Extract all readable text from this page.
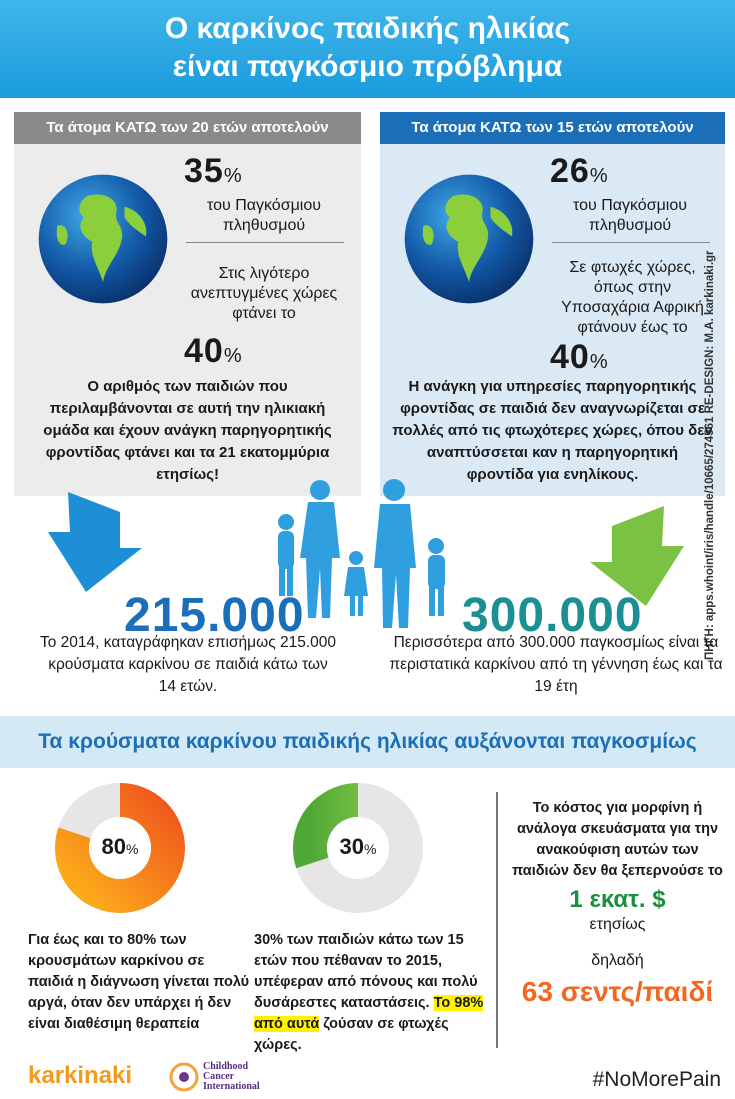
Ο καρκίνος παιδικής ηλικίας
είναι παγκόσμιο πρόβλημα
Τα άτομα ΚΑΤΩ των 20 ετών αποτελούν
35%
του Παγκόσμιου πληθυσμού
Στις λιγότερο ανεπτυγμένες χώρες φτάνει το
40%
Ο αριθμός των παιδιών που περιλαμβάνονται σε αυτή την ηλικιακή ομάδα και έχουν ανάγκη παρηγορητικής φροντίδας φτάνει και τα 21 εκατομμύρια ετησίως!
Τα άτομα ΚΑΤΩ των 15 ετών αποτελούν
26%
του Παγκόσμιου πληθυσμού
Σε φτωχές χώρες, όπως στην Υποσαχάρια Αφρική φτάνουν έως το
40%
Η ανάγκη για υπηρεσίες παρηγορητικής φροντίδας σε παιδιά δεν αναγνωρίζεται σε πολλές από τις φτωχότερες χώρες, όπου δεν αναπτύσσεται καν η παρηγορητική φροντίδα για ενηλίκους.	ΠΗΓΗ: apps.whoint/iris/handle/10665/274561 RE-DESIGN: M.A. karkinaki.gr
215.000
Το 2014, καταγράφηκαν επισήμως 215.000 κρούσματα καρκίνου σε παιδιά κάτω των 14 ετών.
300.000
Περισσότερα από 300.000 παγκοσμίως είναι τα περιστατικά καρκίνου από τη γέννηση έως και τα 19 έτη
Τα κρούσματα καρκίνου παιδικής ηλικίας αυξάνονται παγκοσμίως
80%
Για έως και το 80% των κρουσμάτων καρκίνου σε παιδιά η διάγνωση γίνεται πολύ αργά, όταν δεν υπάρχει ή δεν είναι διαθέσιμη θεραπεία
30%
30% των παιδιών κάτω των 15 ετών που πέθαναν το 2015, υπέφεραν από πόνους και πολύ δυσάρεστες καταστάσεις. Το 98% από αυτά ζούσαν σε φτωχές χώρες.
Το κόστος για μορφίνη ή ανάλογα σκευάσματα για την ανακούφιση αυτών των παιδιών δεν θα ξεπερνούσε το
1 εκατ. $
ετησίως
δηλαδή
63 σεντς/παιδί
karkinaki	Childhood
Cancer
International	#NoMorePain
